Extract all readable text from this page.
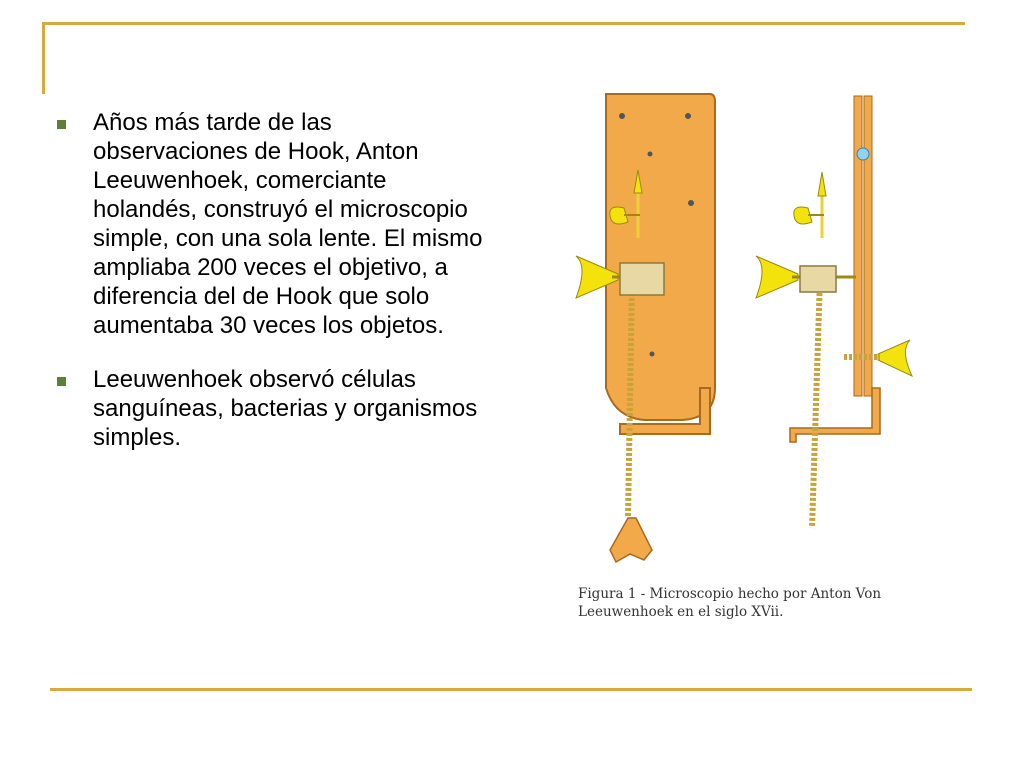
Años más tarde de las observaciones de Hook, Anton Leeuwenhoek, comerciante holandés, construyó el microscopio simple, con una sola lente. El mismo ampliaba 200 veces el objetivo, a diferencia del de Hook que solo aumentaba 30 veces los objetos.
Leeuwenhoek observó células sanguíneas, bacterias y organismos simples.
Figura 1 - Microscopio hecho por Anton Von
Leeuwenhoek en el siglo XVii.
